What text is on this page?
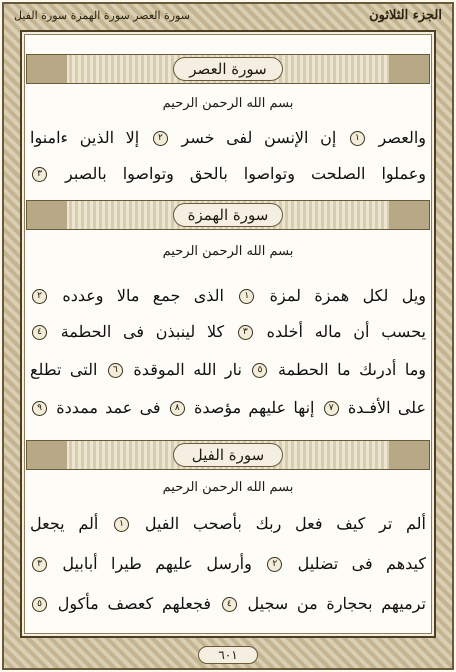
الجزء الثلاثون
سورة العصر سورة الهمزة سورة الفيل
سورة العصر
بسم الله الرحمن الرحيم
والعصر ١ إن الإنسن لفى خسر ٢ إلا الذين ءامنوا
وعملوا الصلحت وتواصوا بالحق وتواصوا بالصبر ٣
سورة الهمزة
بسم الله الرحمن الرحيم
ويل لكل همزة لمزة ١ الذى جمع مالا وعدده ٢
يحسب أن ماله أخلده ٣ كلا لينبذن فى الحطمة ٤
وما أدرىك ما الحطمة ٥ نار الله الموقدة ٦ التى تطلع
على الأفـدة ٧ إنها عليهم مؤصدة ٨ فى عمد ممددة ٩
سورة الفيل
بسم الله الرحمن الرحيم
ألم تر كيف فعل ربك بأصحب الفيل ١ ألم يجعل
كيدهم فى تضليل ٢ وأرسل عليهم طيرا أبابيل ٣
ترميهم بحجارة من سجيل ٤ فجعلهم كعصف مأكول ٥
٦٠١
